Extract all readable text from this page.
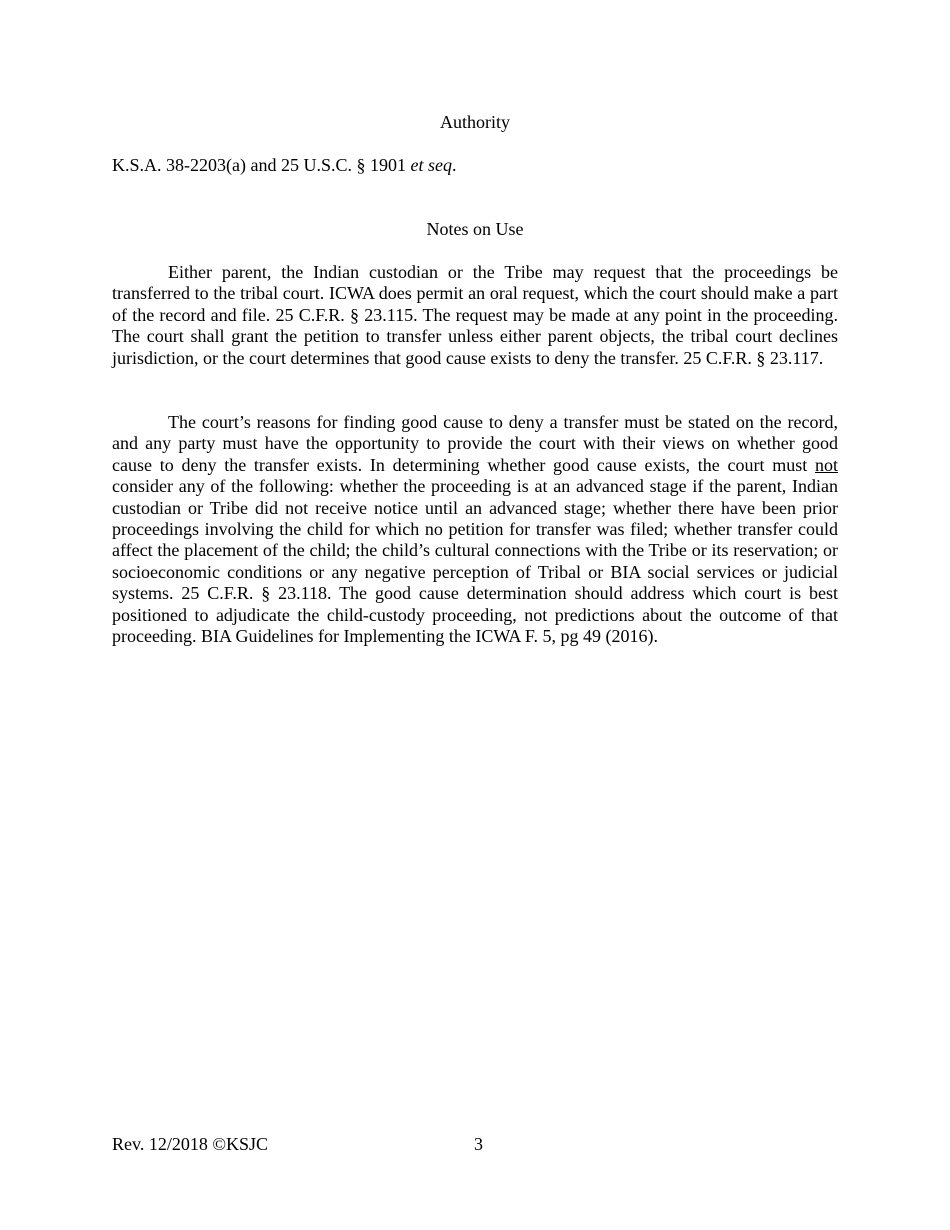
Authority
K.S.A. 38-2203(a) and 25 U.S.C. § 1901 et seq.
Notes on Use

Either parent, the Indian custodian or the Tribe may request that the proceedings be transferred to the tribal court. ICWA does permit an oral request, which the court should make a part of the record and file. 25 C.F.R. § 23.115. The request may be made at any point in the proceeding. The court shall grant the petition to transfer unless either parent objects, the tribal court declines jurisdiction, or the court determines that good cause exists to deny the transfer. 25 C.F.R. § 23.117.

The court’s reasons for finding good cause to deny a transfer must be stated on the record, and any party must have the opportunity to provide the court with their views on whether good cause to deny the transfer exists. In determining whether good cause exists, the court must not consider any of the following: whether the proceeding is at an advanced stage if the parent, Indian custodian or Tribe did not receive notice until an advanced stage; whether there have been prior proceedings involving the child for which no petition for transfer was filed; whether transfer could affect the placement of the child; the child’s cultural connections with the Tribe or its reservation; or socioeconomic conditions or any negative perception of Tribal or BIA social services or judicial systems. 25 C.F.R. § 23.118. The good cause determination should address which court is best positioned to adjudicate the child-custody proceeding, not predictions about the outcome of that proceeding. BIA Guidelines for Implementing the ICWA F. 5, pg 49 (2016).

Rev. 12/2018 ©KSJC	3
